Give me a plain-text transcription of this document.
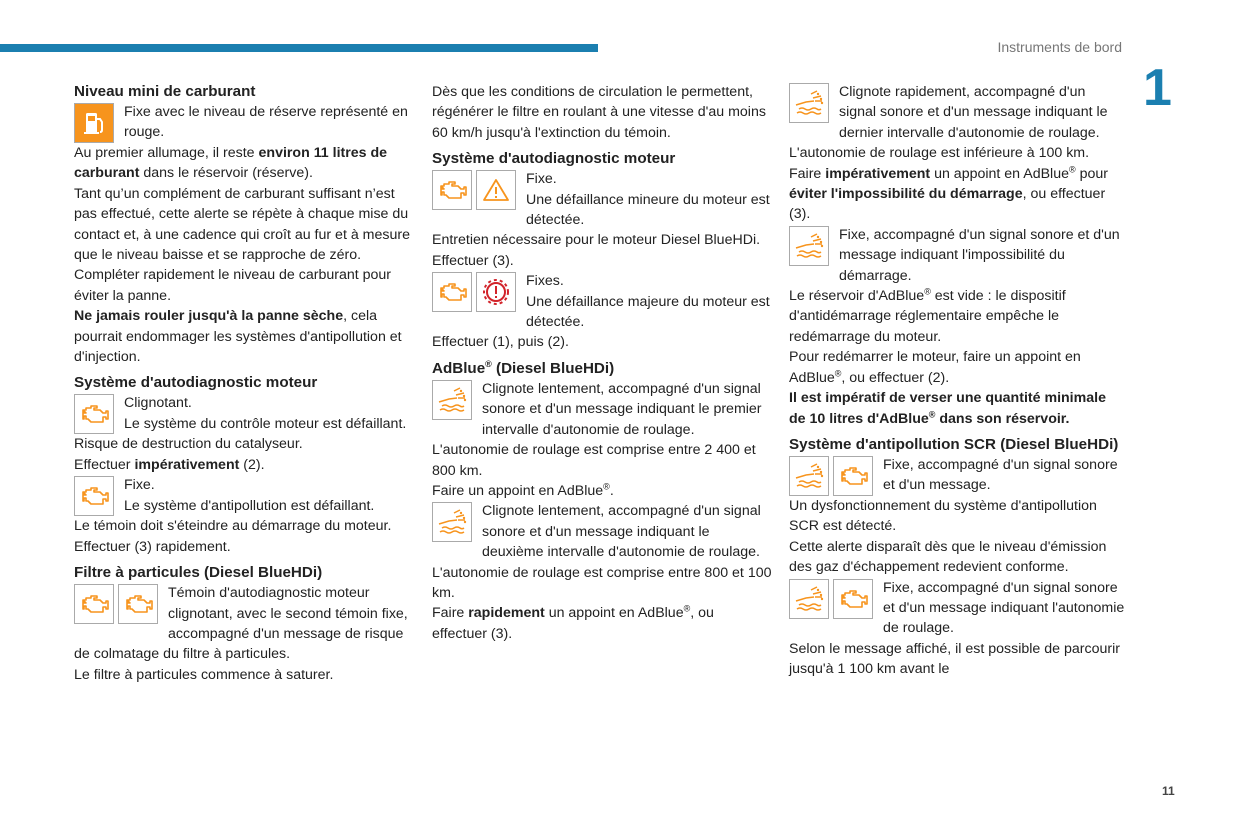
Instruments de bord
1
11
Niveau mini de carburant

Fixe avec le niveau de réserve représenté en rouge.

Au premier allumage, il reste environ 11 litres de carburant dans le réservoir (réserve).

Tant qu’un complément de carburant suffisant n’est pas effectué, cette alerte se répète à chaque mise du contact et, à une cadence qui croît au fur et à mesure que le niveau baisse et se rapproche de zéro.

Compléter rapidement le niveau de carburant pour éviter la panne.

Ne jamais rouler jusqu'à la panne sèche, cela pourrait endommager les systèmes d'antipollution et d'injection.

Système d'autodiagnostic moteur

Clignotant.

Le système du contrôle moteur est défaillant.

Risque de destruction du catalyseur.

Effectuer impérativement (2).

Fixe.

Le système d'antipollution est défaillant.

Le témoin doit s'éteindre au démarrage du moteur.

Effectuer (3) rapidement.

Filtre à particules (Diesel BlueHDi)

Témoin d'autodiagnostic moteur clignotant, avec le second témoin fixe, accompagné d'un message de risque de colmatage du filtre à particules.

Le filtre à particules commence à saturer.

Dès que les conditions de circulation le permettent, régénérer le filtre en roulant à une vitesse d'au moins 60 km/h jusqu'à l'extinction du témoin.

Système d'autodiagnostic moteur

Fixe.

Une défaillance mineure du moteur est détectée.

Entretien nécessaire pour le moteur Diesel BlueHDi.

Effectuer (3).

Fixes.

Une défaillance majeure du moteur est détectée.

Effectuer (1), puis (2).

AdBlue® (Diesel BlueHDi)

Clignote lentement, accompagné d'un signal sonore et d'un message indiquant le premier intervalle d'autonomie de roulage.

L'autonomie de roulage est comprise entre 2 400 et 800 km.

Faire un appoint en AdBlue®.

Clignote lentement, accompagné d'un signal sonore et d'un message indiquant le deuxième intervalle d'autonomie de roulage.

L'autonomie de roulage est comprise entre 800 et 100 km.

Faire rapidement un appoint en AdBlue®, ou effectuer (3).

Clignote rapidement, accompagné d'un signal sonore et d'un message indiquant le dernier intervalle d'autonomie de roulage.

L'autonomie de roulage est inférieure à 100 km.

Faire impérativement un appoint en AdBlue® pour éviter l'impossibilité du démarrage, ou effectuer (3).

Fixe, accompagné d'un signal sonore et d'un message indiquant l'impossibilité du démarrage.

Le réservoir d'AdBlue® est vide : le dispositif d'antidémarrage réglementaire empêche le redémarrage du moteur.

Pour redémarrer le moteur, faire un appoint en AdBlue®, ou effectuer (2).

Il est impératif de verser une quantité minimale de 10 litres d'AdBlue® dans son réservoir.

Système d'antipollution SCR (Diesel BlueHDi)

Fixe, accompagné d'un signal sonore et d'un message.

Un dysfonctionnement du système d'antipollution SCR est détecté.

Cette alerte disparaît dès que le niveau d'émission des gaz d'échappement redevient conforme.

Fixe, accompagné d'un signal sonore et d'un message indiquant l'autonomie de roulage.

Selon le message affiché, il est possible de parcourir jusqu'à 1 100 km avant le
